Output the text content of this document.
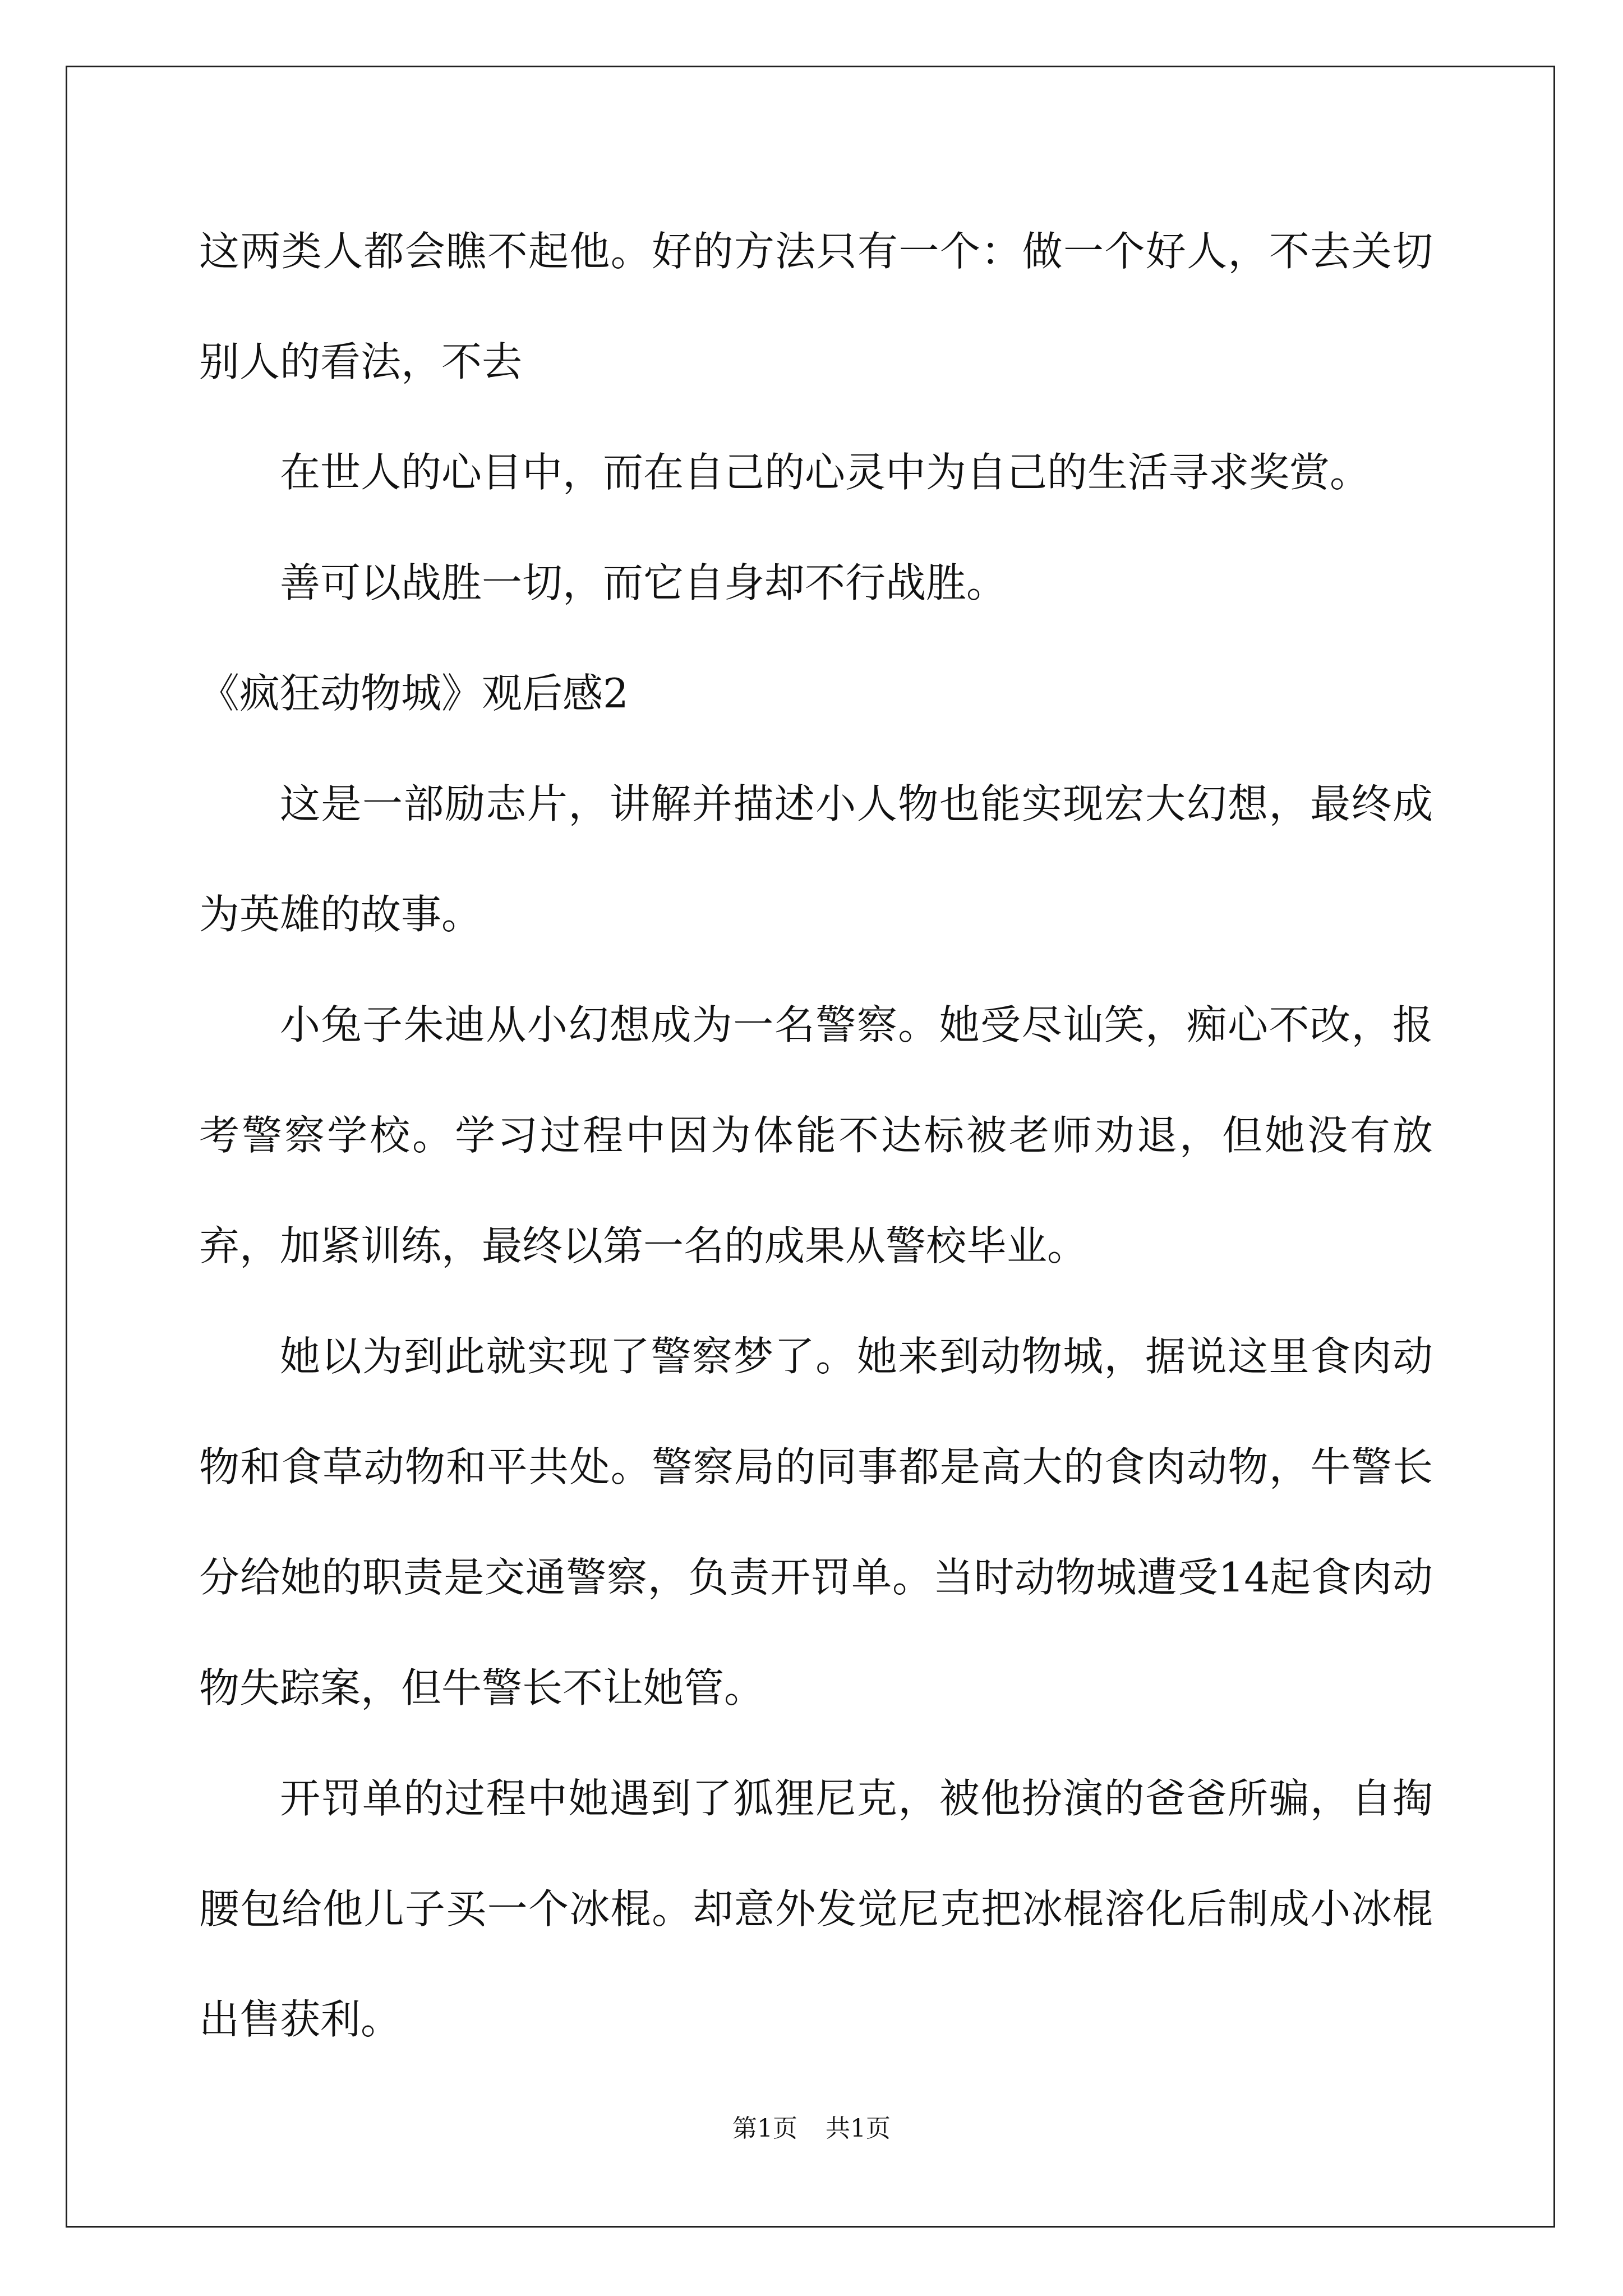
这两类人都会瞧不起他。好的方法只有一个：做一个好人，不去关切别人的看法，不去

在世人的心目中，而在自己的心灵中为自己的生活寻求奖赏。

善可以战胜一切，而它自身却不行战胜。

《疯狂动物城》观后感2

这是一部励志片，讲解并描述小人物也能实现宏大幻想，最终成为英雄的故事。

小兔子朱迪从小幻想成为一名警察。她受尽讪笑，痴心不改，报考警察学校。学习过程中因为体能不达标被老师劝退，但她没有放弃，加紧训练，最终以第一名的成果从警校毕业。

她以为到此就实现了警察梦了。她来到动物城，据说这里食肉动物和食草动物和平共处。警察局的同事都是高大的食肉动物，牛警长分给她的职责是交通警察，负责开罚单。当时动物城遭受14起食肉动物失踪案，但牛警长不让她管。

开罚单的过程中她遇到了狐狸尼克，被他扮演的爸爸所骗，自掏腰包给他儿子买一个冰棍。却意外发觉尼克把冰棍溶化后制成小冰棍出售获利。

第1页 共1页
